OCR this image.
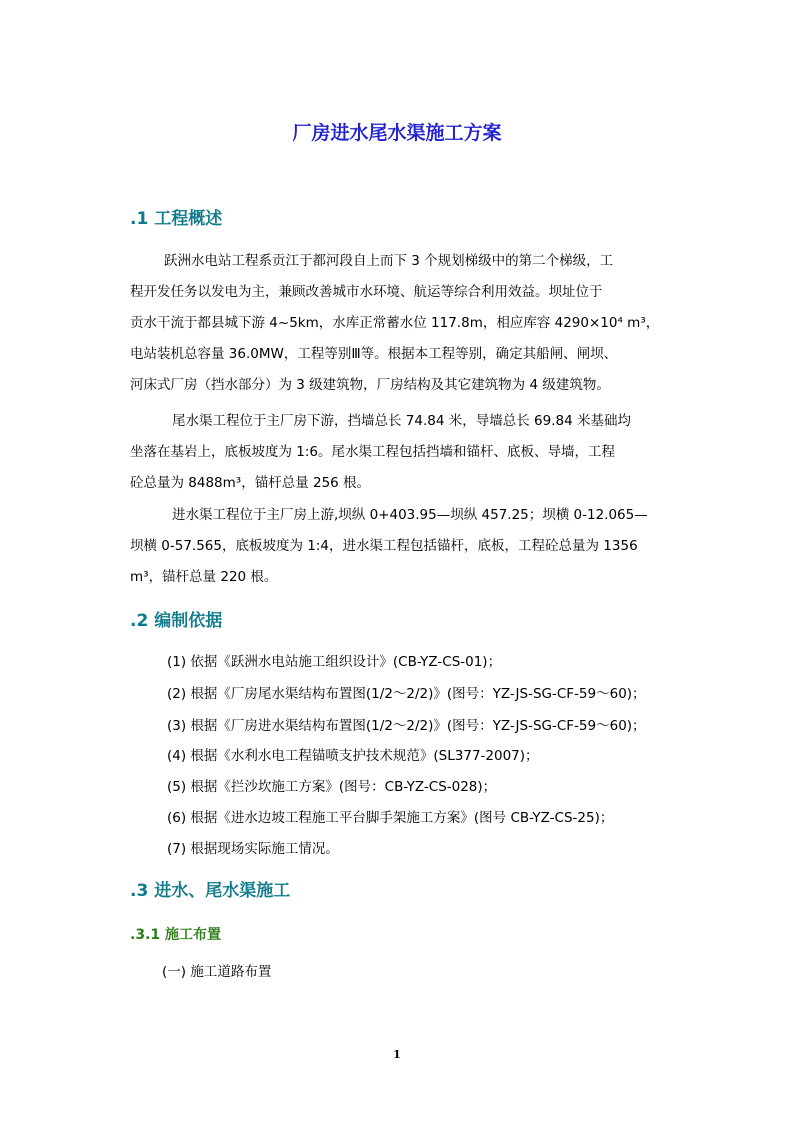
厂房进水尾水渠施工方案
.1 工程概述
跃洲水电站工程系贡江于都河段自上而下 3 个规划梯级中的第二个梯级，工
程开发任务以发电为主，兼顾改善城市水环境、航运等综合利用效益。坝址位于
贡水干流于都县城下游 4~5km，水库正常蓄水位 117.8m，相应库容 4290×10⁴ m³，
电站装机总容量 36.0MW，工程等别Ⅲ等。根据本工程等别，确定其船闸、闸坝、
河床式厂房（挡水部分）为 3 级建筑物，厂房结构及其它建筑物为 4 级建筑物。
尾水渠工程位于主厂房下游，挡墙总长 74.84 米，导墙总长 69.84 米基础均
坐落在基岩上，底板坡度为 1:6。尾水渠工程包括挡墙和锚杆、底板、导墙，工程
砼总量为 8488m³，锚杆总量 256 根。
进水渠工程位于主厂房上游,坝纵 0+403.95—坝纵 457.25；坝横 0-12.065—
坝横 0-57.565，底板坡度为 1:4，进水渠工程包括锚杆，底板，工程砼总量为 1356
m³，锚杆总量 220 根。
.2 编制依据
(1) 依据《跃洲水电站施工组织设计》(CB-YZ-CS-01)；
(2) 根据《厂房尾水渠结构布置图(1/2～2/2)》(图号：YZ-JS-SG-CF-59～60)；
(3) 根据《厂房进水渠结构布置图(1/2～2/2)》(图号：YZ-JS-SG-CF-59～60)；
(4) 根据《水利水电工程锚喷支护技术规范》(SL377-2007)；
(5) 根据《拦沙坎施工方案》(图号：CB-YZ-CS-028)；
(6) 根据《进水边坡工程施工平台脚手架施工方案》(图号 CB-YZ-CS-25)；
(7) 根据现场实际施工情况。
.3 进水、尾水渠施工
.3.1 施工布置
(一) 施工道路布置
1
